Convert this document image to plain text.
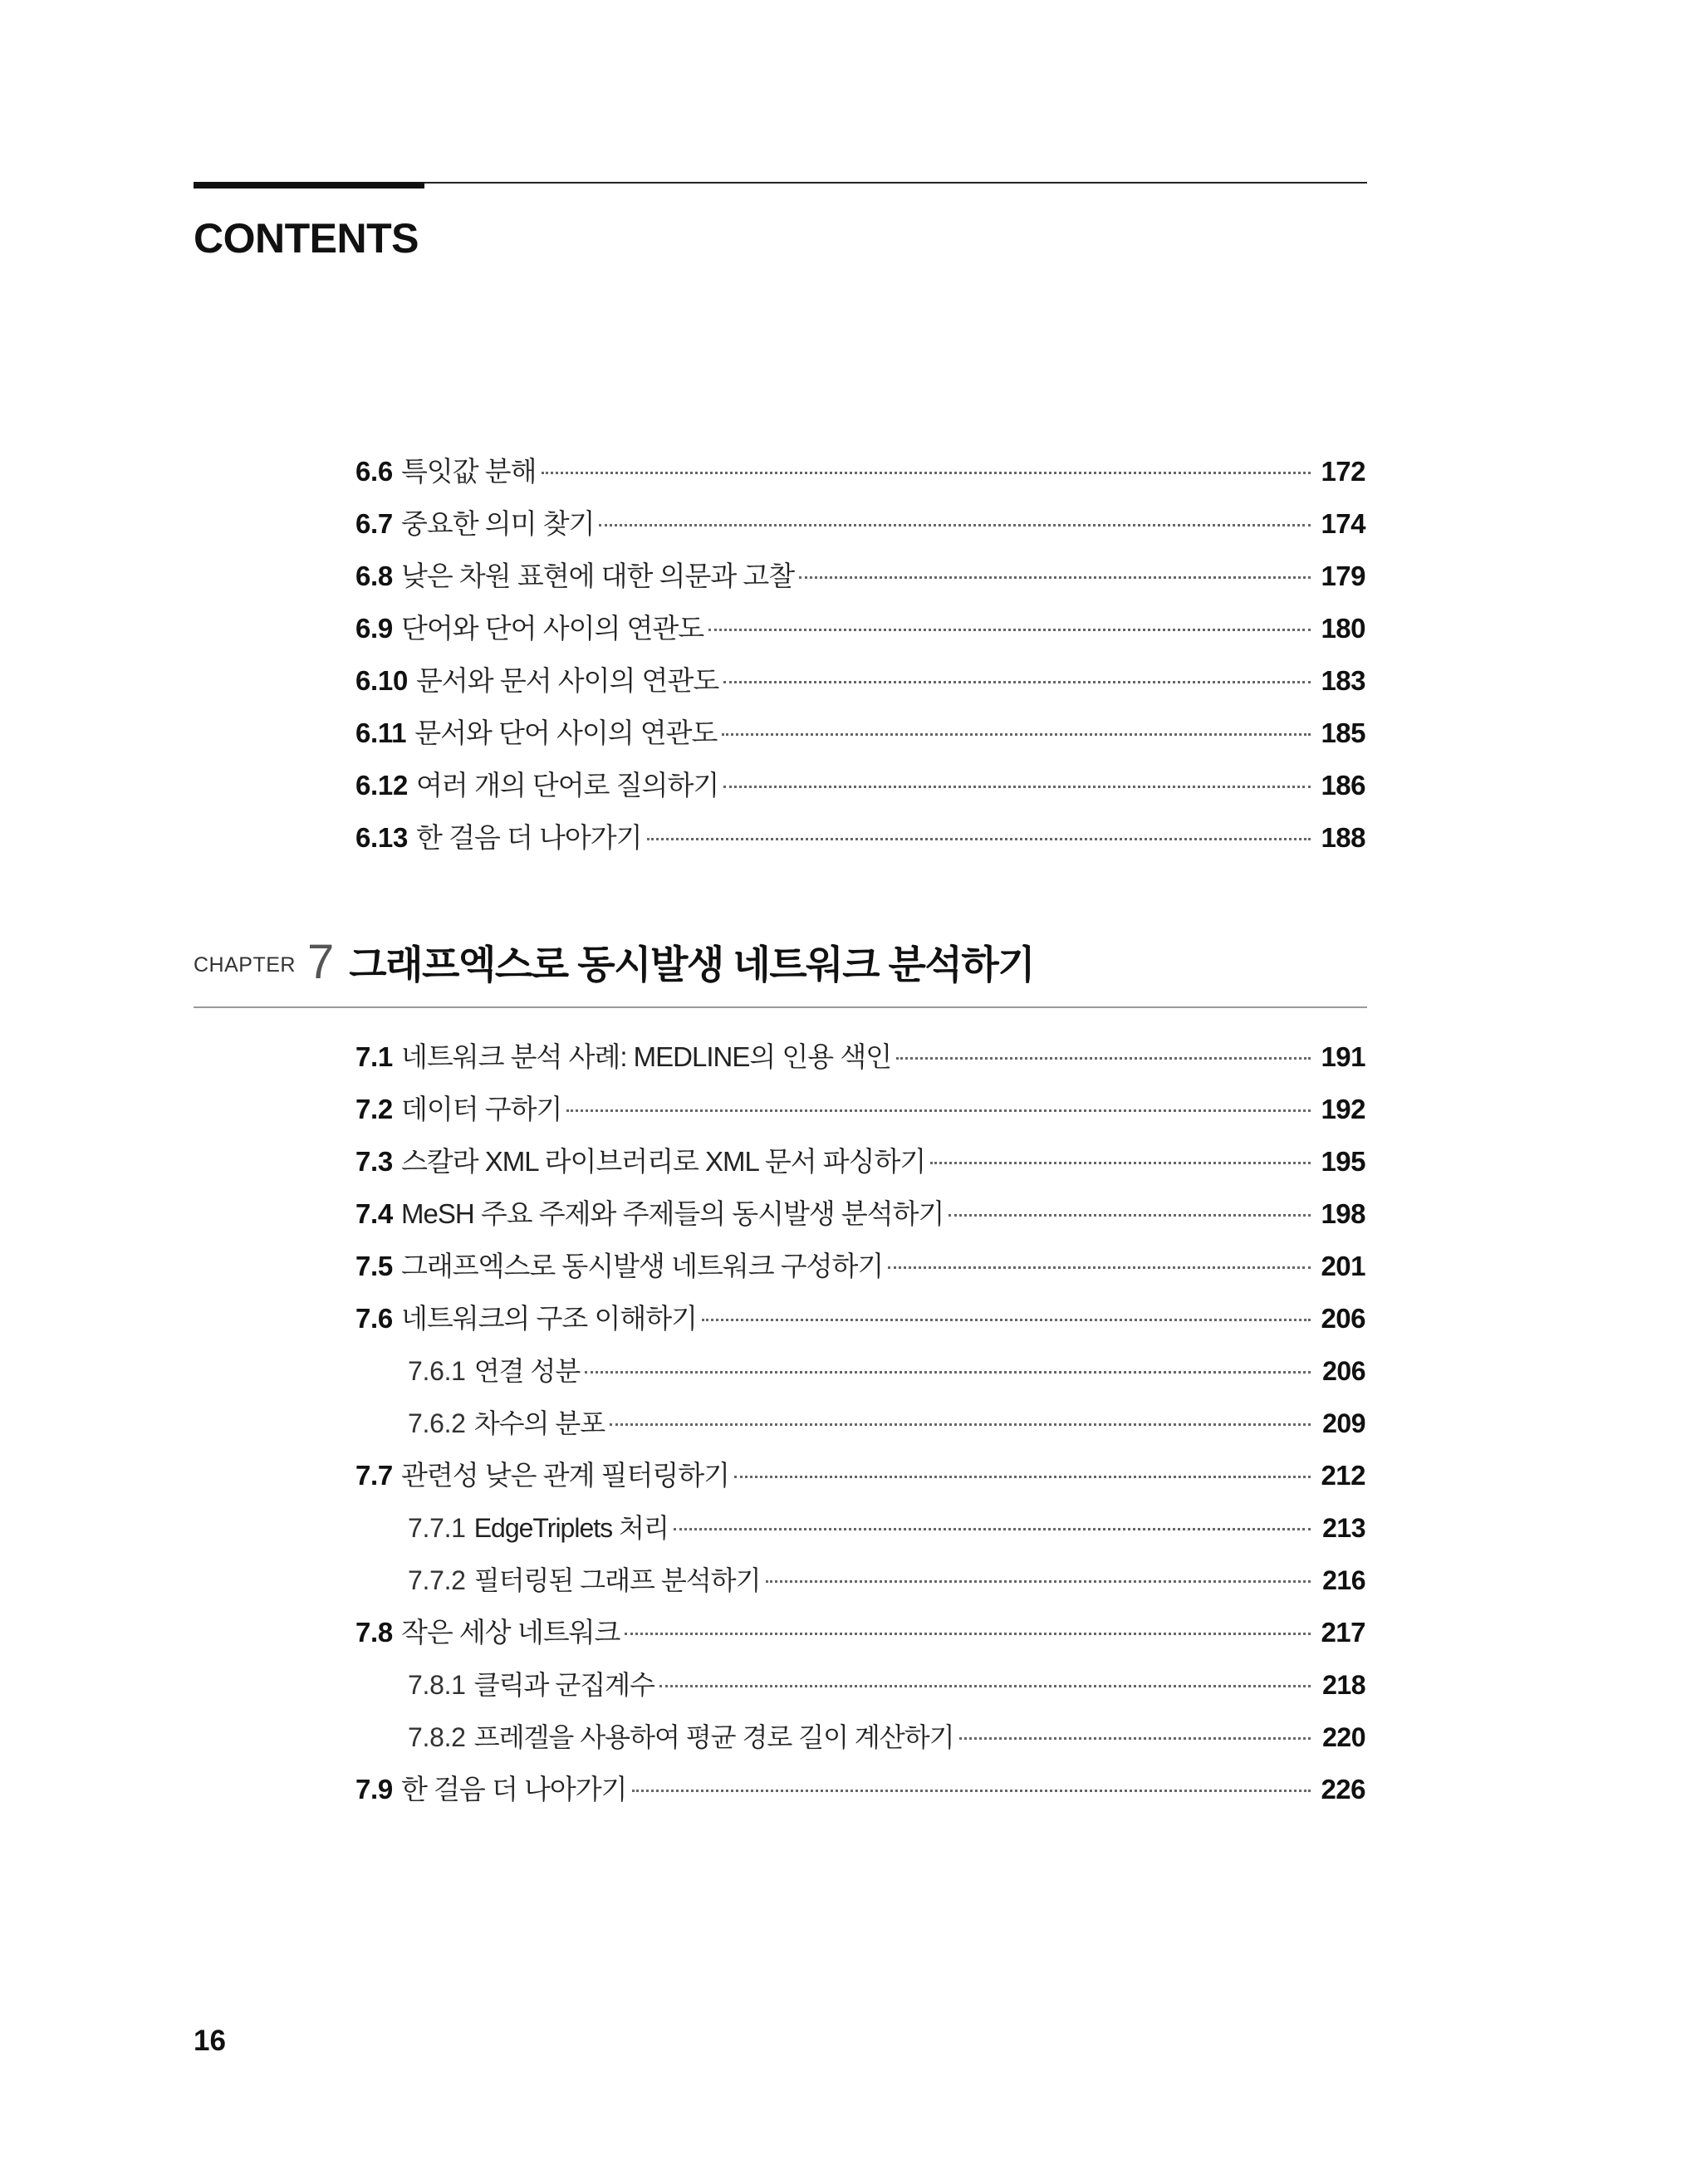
CONTENTS
6.6 특잇값 분해	172
6.7 중요한 의미 찾기	174
6.8 낮은 차원 표현에 대한 의문과 고찰	179
6.9 단어와 단어 사이의 연관도	180
6.10 문서와 문서 사이의 연관도	183
6.11 문서와 단어 사이의 연관도	185
6.12 여러 개의 단어로 질의하기	186
6.13 한 걸음 더 나아가기	188
CHAPTER 7 그래프엑스로 동시발생 네트워크 분석하기
7.1 네트워크 분석 사례: MEDLINE의 인용 색인	191
7.2 데이터 구하기	192
7.3 스칼라 XML 라이브러리로 XML 문서 파싱하기	195
7.4 MeSH 주요 주제와 주제들의 동시발생 분석하기	198
7.5 그래프엑스로 동시발생 네트워크 구성하기	201
7.6 네트워크의 구조 이해하기	206
7.6.1 연결 성분	206
7.6.2 차수의 분포	209
7.7 관련성 낮은 관계 필터링하기	212
7.7.1 EdgeTriplets 처리	213
7.7.2 필터링된 그래프 분석하기	216
7.8 작은 세상 네트워크	217
7.8.1 클릭과 군집계수	218
7.8.2 프레겔을 사용하여 평균 경로 길이 계산하기	220
7.9 한 걸음 더 나아가기	226
16
